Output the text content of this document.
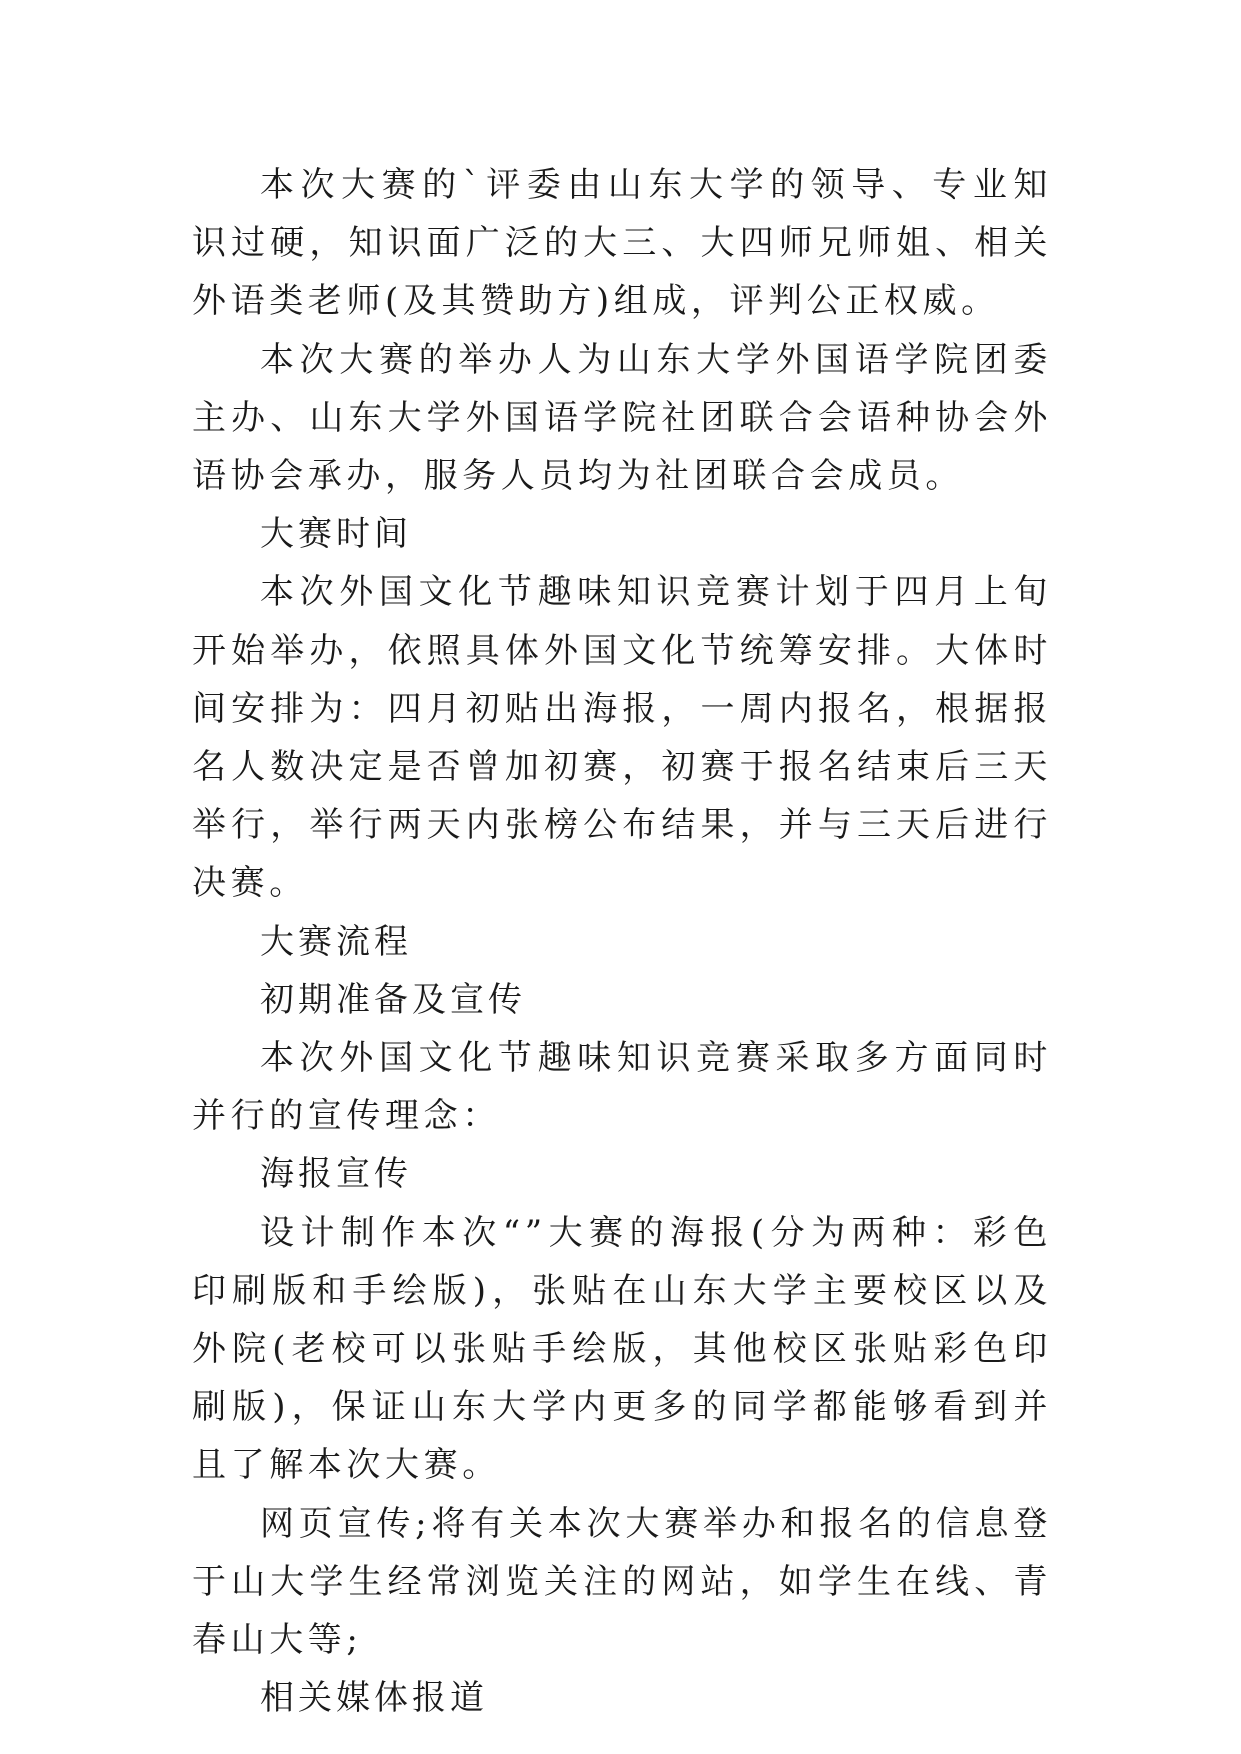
本次大赛的`评委由山东大学的领导、专业知识过硬，知识面广泛的大三、大四师兄师姐、相关外语类老师(及其赞助方)组成，评判公正权威。

本次大赛的举办人为山东大学外国语学院团委主办、山东大学外国语学院社团联合会语种协会外语协会承办，服务人员均为社团联合会成员。

大赛时间

本次外国文化节趣味知识竞赛计划于四月上旬开始举办，依照具体外国文化节统筹安排。大体时间安排为：四月初贴出海报，一周内报名，根据报名人数决定是否曾加初赛，初赛于报名结束后三天举行，举行两天内张榜公布结果，并与三天后进行决赛。

大赛流程

初期准备及宣传

本次外国文化节趣味知识竞赛采取多方面同时并行的宣传理念：

海报宣传

设计制作本次“”大赛的海报(分为两种：彩色印刷版和手绘版)，张贴在山东大学主要校区以及外院(老校可以张贴手绘版，其他校区张贴彩色印刷版)，保证山东大学内更多的同学都能够看到并且了解本次大赛。

网页宣传;将有关本次大赛举办和报名的信息登于山大学生经常浏览关注的网站，如学生在线、青春山大等;

相关媒体报道
